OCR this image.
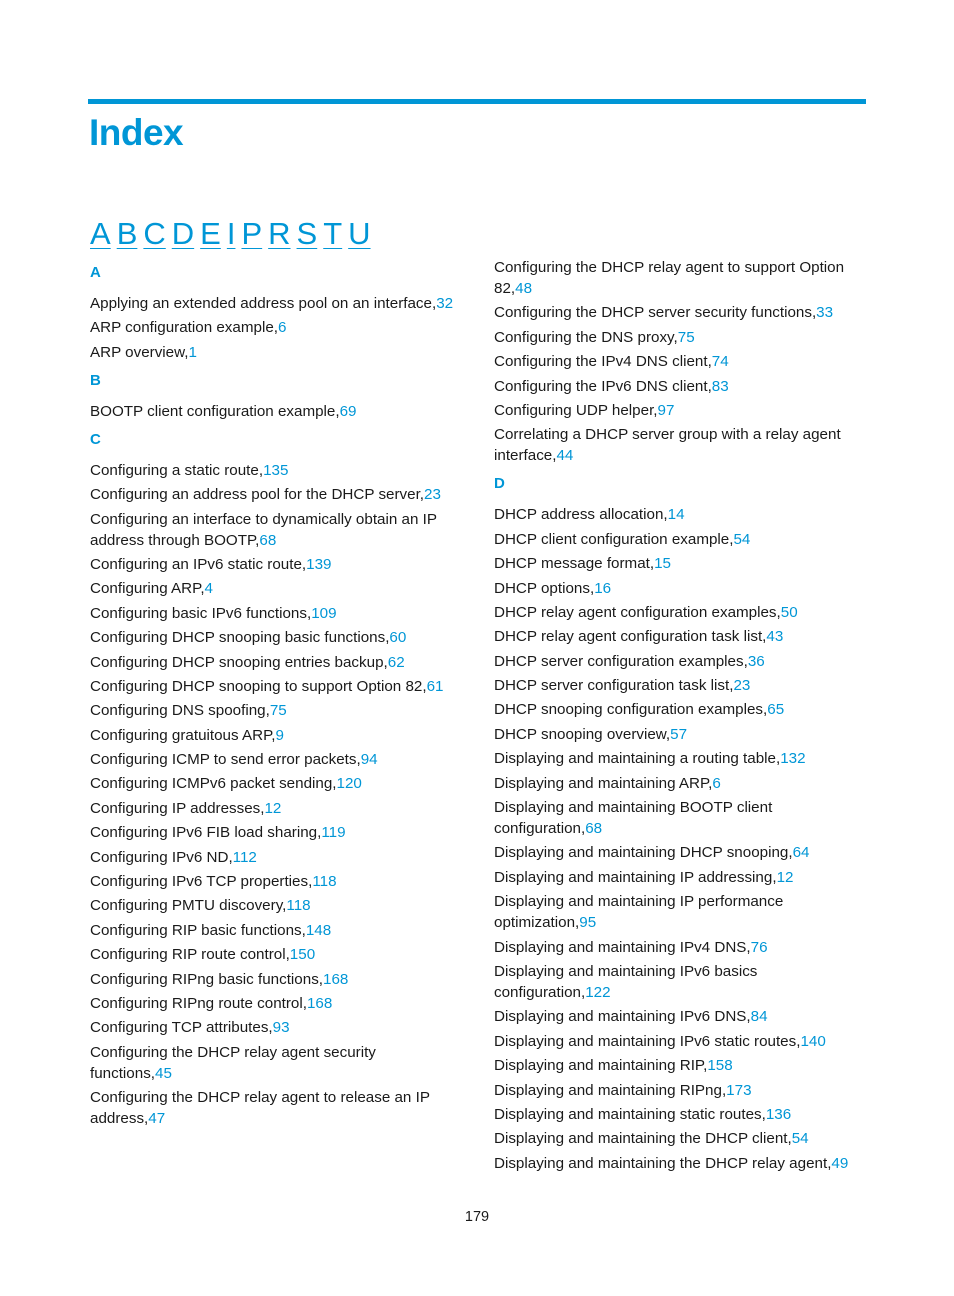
Index
A B C D E I P R S T U
A
Applying an extended address pool on an interface,32
ARP configuration example,6
ARP overview,1
B
BOOTP client configuration example,69
C
Configuring a static route,135
Configuring an address pool for the DHCP server,23
Configuring an interface to dynamically obtain an IP address through BOOTP,68
Configuring an IPv6 static route,139
Configuring ARP,4
Configuring basic IPv6 functions,109
Configuring DHCP snooping basic functions,60
Configuring DHCP snooping entries backup,62
Configuring DHCP snooping to support Option 82,61
Configuring DNS spoofing,75
Configuring gratuitous ARP,9
Configuring ICMP to send error packets,94
Configuring ICMPv6 packet sending,120
Configuring IP addresses,12
Configuring IPv6 FIB load sharing,119
Configuring IPv6 ND,112
Configuring IPv6 TCP properties,118
Configuring PMTU discovery,118
Configuring RIP basic functions,148
Configuring RIP route control,150
Configuring RIPng basic functions,168
Configuring RIPng route control,168
Configuring TCP attributes,93
Configuring the DHCP relay agent security functions,45
Configuring the DHCP relay agent to release an IP address,47
Configuring the DHCP relay agent to support Option 82,48
Configuring the DHCP server security functions,33
Configuring the DNS proxy,75
Configuring the IPv4 DNS client,74
Configuring the IPv6 DNS client,83
Configuring UDP helper,97
Correlating a DHCP server group with a relay agent interface,44
D
DHCP address allocation,14
DHCP client configuration example,54
DHCP message format,15
DHCP options,16
DHCP relay agent configuration examples,50
DHCP relay agent configuration task list,43
DHCP server configuration examples,36
DHCP server configuration task list,23
DHCP snooping configuration examples,65
DHCP snooping overview,57
Displaying and maintaining a routing table,132
Displaying and maintaining ARP,6
Displaying and maintaining BOOTP client configuration,68
Displaying and maintaining DHCP snooping,64
Displaying and maintaining IP addressing,12
Displaying and maintaining IP performance optimization,95
Displaying and maintaining IPv4 DNS,76
Displaying and maintaining IPv6 basics configuration,122
Displaying and maintaining IPv6 DNS,84
Displaying and maintaining IPv6 static routes,140
Displaying and maintaining RIP,158
Displaying and maintaining RIPng,173
Displaying and maintaining static routes,136
Displaying and maintaining the DHCP client,54
Displaying and maintaining the DHCP relay agent,49
179
